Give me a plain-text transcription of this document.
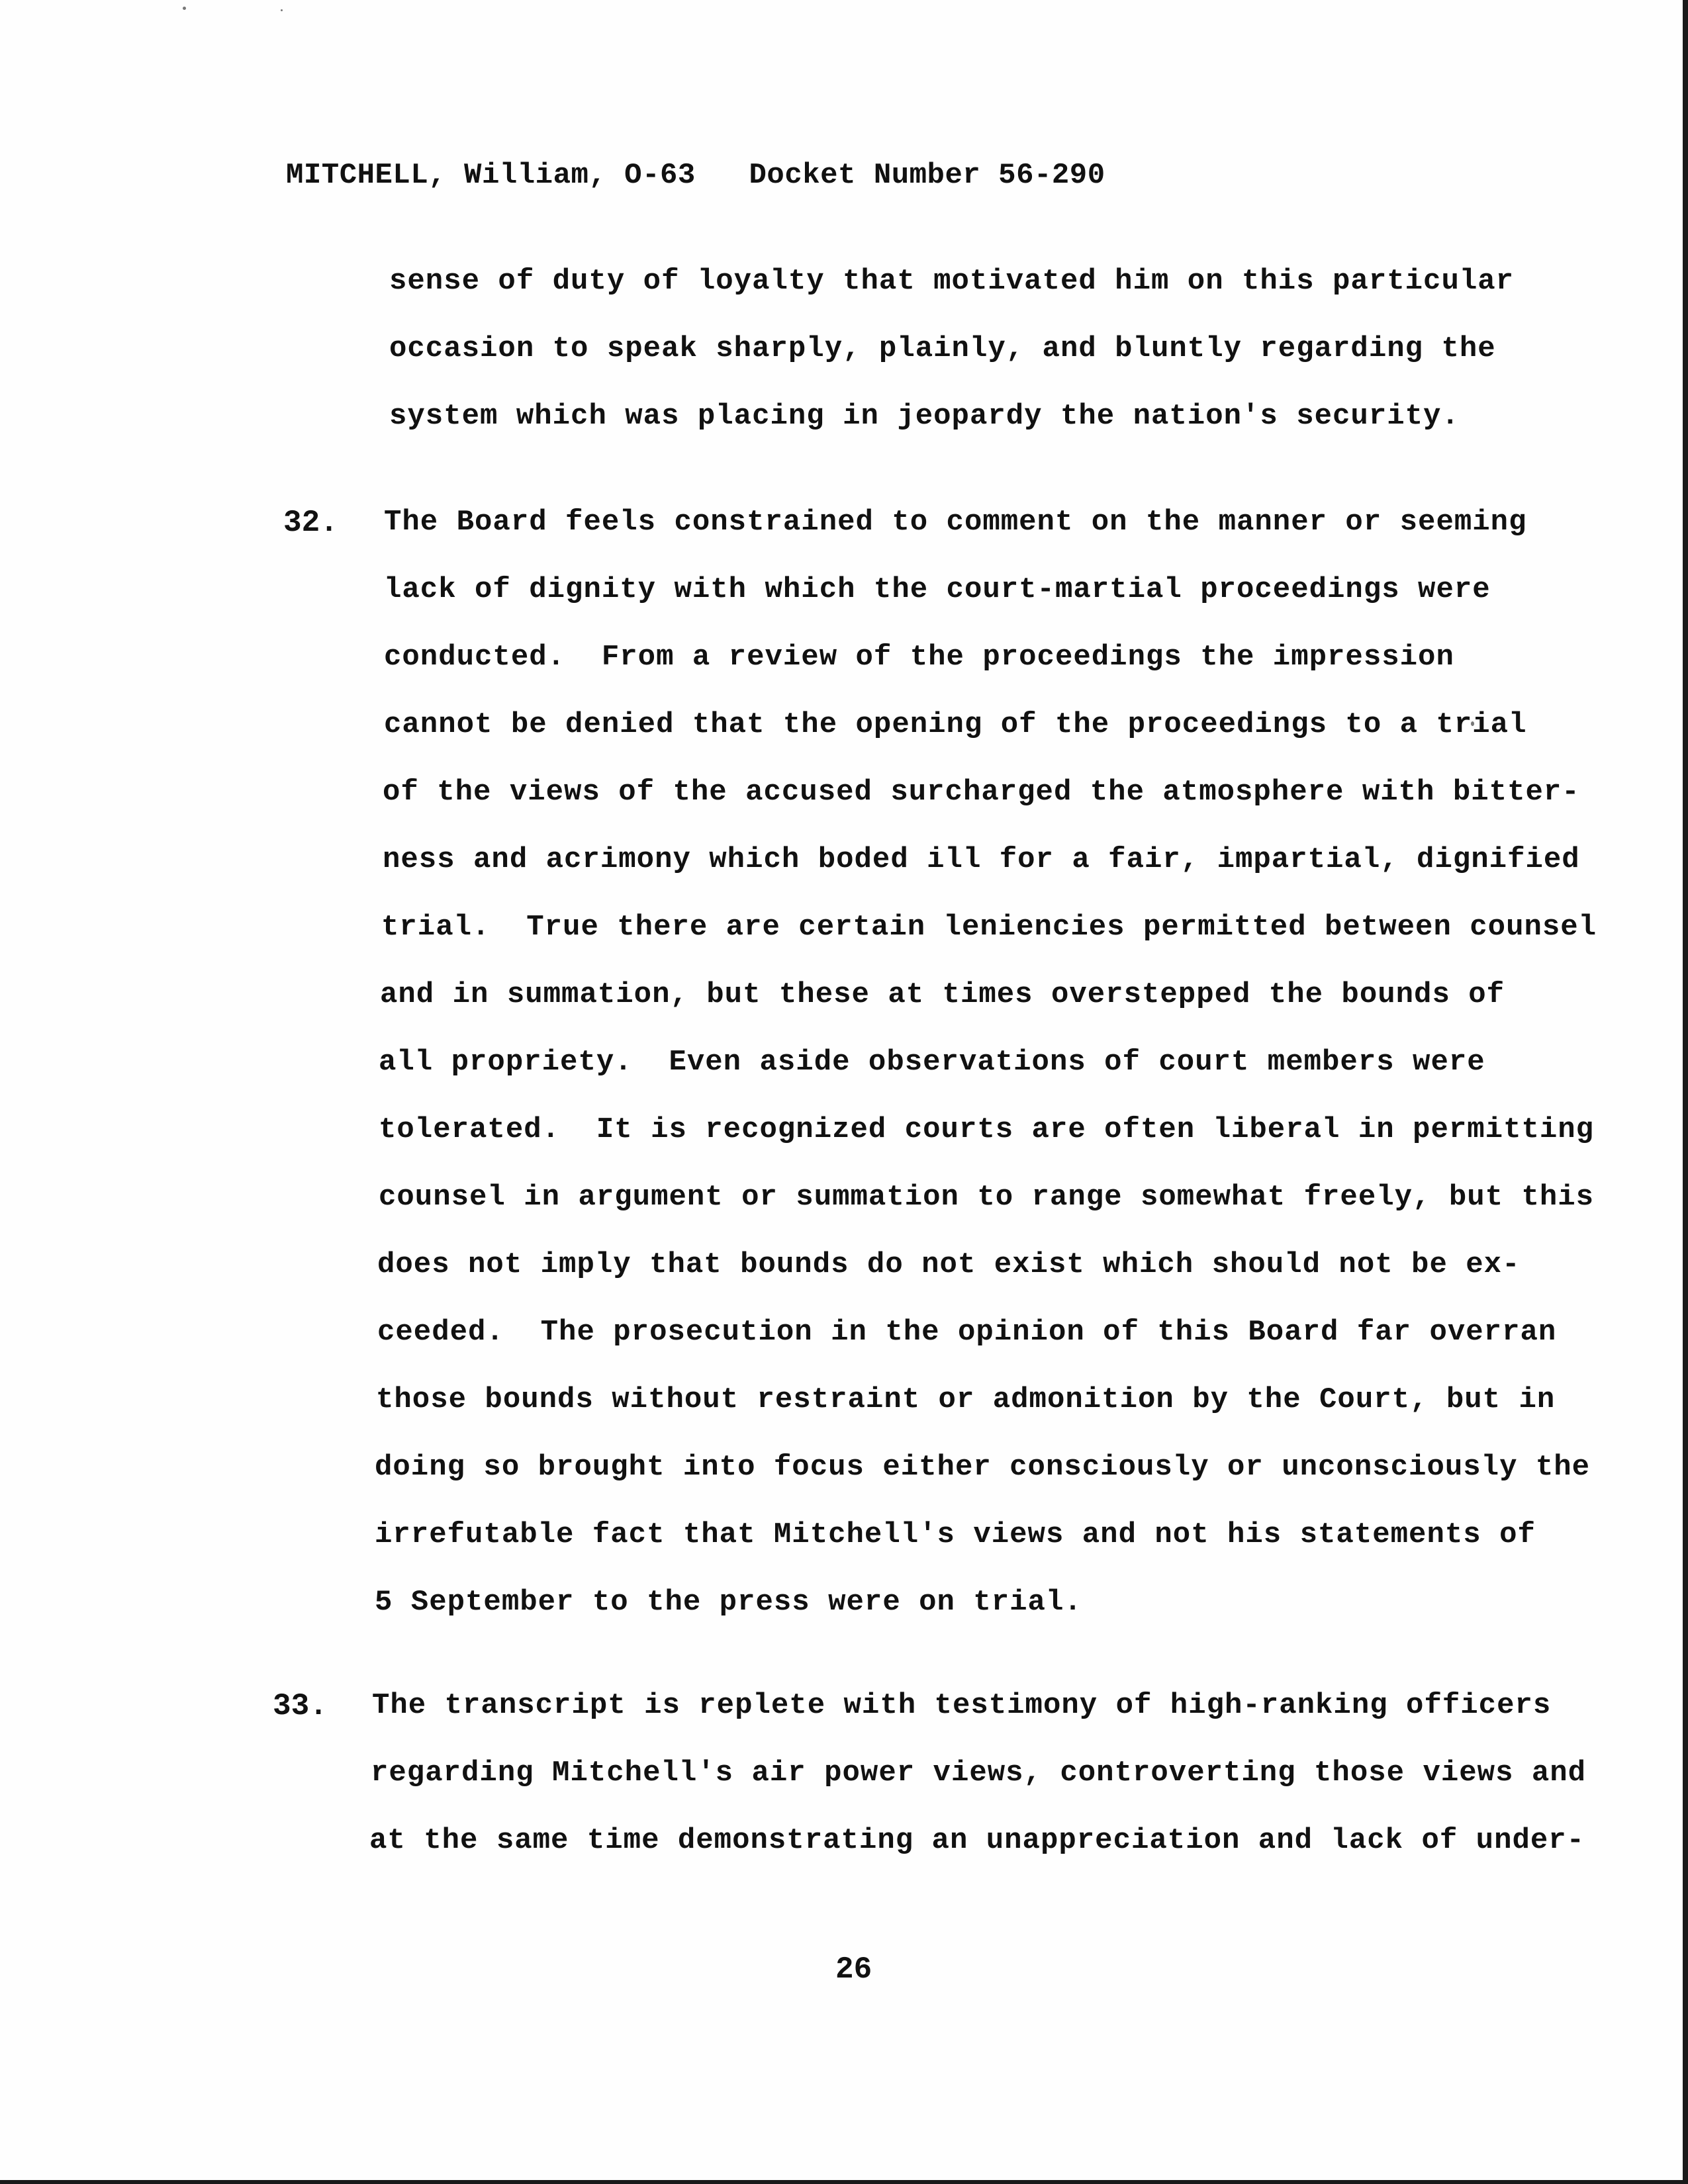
MITCHELL, William, O-63   Docket Number 56-290
sense of duty of loyalty that motivated him on this particular
occasion to speak sharply, plainly, and bluntly regarding the
system which was placing in jeopardy the nation's security.
32. The Board feels constrained to comment on the manner or seeming
lack of dignity with which the court-martial proceedings were
conducted.  From a review of the proceedings the impression
cannot be denied that the opening of the proceedings to a trial
of the views of the accused surcharged the atmosphere with bitter-
ness and acrimony which boded ill for a fair, impartial, dignified
trial.  True there are certain leniencies permitted between counsel
and in summation, but these at times overstepped the bounds of
all propriety.  Even aside observations of court members were
tolerated.  It is recognized courts are often liberal in permitting
counsel in argument or summation to range somewhat freely, but this
does not imply that bounds do not exist which should not be ex-
ceeded.  The prosecution in the opinion of this Board far overran
those bounds without restraint or admonition by the Court, but in
doing so brought into focus either consciously or unconsciously the
irrefutable fact that Mitchell's views and not his statements of
5 September to the press were on trial.
33. The transcript is replete with testimony of high-ranking officers
regarding Mitchell's air power views, controverting those views and
at the same time demonstrating an unappreciation and lack of under-
26
